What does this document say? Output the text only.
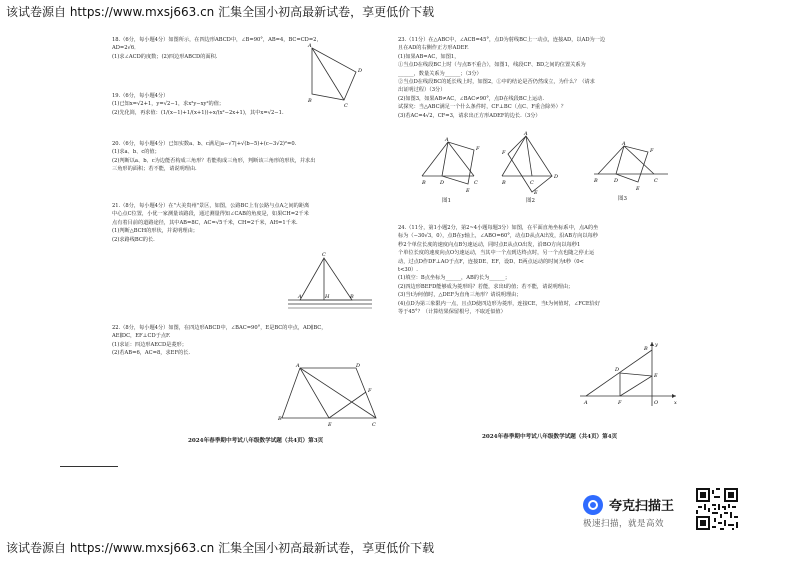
该试卷源自 https://www.mxsj663.cn 汇集全国小初高最新试卷，享更低价下载
18.（6分，每小题4分）如图所示，在四边形ABCD中，∠B=90°，AB=4，BC=CD=2，
AD=2√6．
(1)求∠ACD的度数；(2)四边形ABCD的面积.
A
D
B
C
19.（6分，每小题4分）
(1)已知x=√2+1，y=√2−1，求x²y−xy²的值；
(2)先化简，再求值：(1/(x−1)+1/(x+1))÷x/(x²−2x+1)，其中x=√2−1.
20.（6分，每小题4分）已知实数a、b、c满足|a−√7|+√(b−5)+(c−3√2)²=0.
(1)求a、b、c的值；
(2)判断以a、b、c为边能否构成三角形？若能构成三角形，判断该三角形的形状，并求出
三角形的面积；若不能，请说明理由.
21.（8分，每小题4分）在"大美贵州"景区，如图，公路BC上有公路与点A之间的距离
中心点C位置，小优一家测量该路段，通过测量得知∠CAB的角度是，如果CH=2千米
点有着目前的道路途径，其中AB=8C，AC=√5千米，CH=2千米，AH=1千米.
(1)判断△BCH的形状，并说明理由；
(2)求路线BC的长.
C
A	H	B
22.（8分，每小题4分）如图，在四边形ABCD中，∠BAC=90°，E是BC的中点，AD∥BC，
AE∥DC，EF⊥CD于点F.
(1)求证：四边形AECD是菱形；
(2)若AB=6，AC=8，求EF的长.
A	D
F
B
E	C
2024年春季期中考试八年级数学试题（共4页）第3页
23.（11分）在△ABC中，∠ACB=45°，点D为射线BC上一动点，连接AD，以AD为一边
且在AD的右侧作正方形ADEF.
(1)如果AB=AC，如图1，
①当点D在线段BC上时（与点B不重合），如图1，线段CF、BD之间的位置关系为
______，数量关系为______；（3分）
②当点D在线段BC的延长线上时，如图2，①中的结论是否仍然成立，为什么？（请求
出证明过程）（3分）
(2)如图3，如果AB≠AC，∠BAC≠90°，点D在线段BC上运动.
试探究：当△ABC满足一个什么条件时，CF⊥BC（点C、F重合除外）？
(3)若AC=4√2，CF=3，请求出正方形ADEF的边长.（3分）
A
F
B	D	C
E
图1
A
F
B	C
D
E
图2
A
F
B	D	C
E
图3
24.（11分，第1小题2分，第2~4小题每题3分）如图，在平面直角坐标系中，点A的坐
标为（−30√3，0），点B在y轴上，∠ABO=60°，动点D从点A出发，沿AB方向以每秒
秒2个单位长度的速度向点B匀速运动，同时点E从点O出发，沿BO方向以每秒1
个单位长度的速度向点O匀速运动，当其中一个点到达终点时，另一个点也随之停止运
动，过点D作DF⊥AO于点F，连接DE、EF，设D、E两点运动的时间为t秒（0<
t<30）.
(1)填空：B点坐标为______，AB的长为______；
(2)四边形BEFD能够成为菱形吗？若能，求出t的值；若不能，请说明理由；
(3)当t为何值时，△DEF为直角三角形？请说明理由；
(4)点D为第三象限内一点，且点D使四边形为菱形，连接CE，当t为何值时，∠FCE恰好
等于45°？（计算结果保留根号，不取近似值）
y
B
D
E
A	F	O	x
2024年春季期中考试八年级数学试题（共4页）第4页
夸克扫描王
极速扫描，就是高效
该试卷源自 https://www.mxsj663.cn 汇集全国小初高最新试卷，享更低价下载
